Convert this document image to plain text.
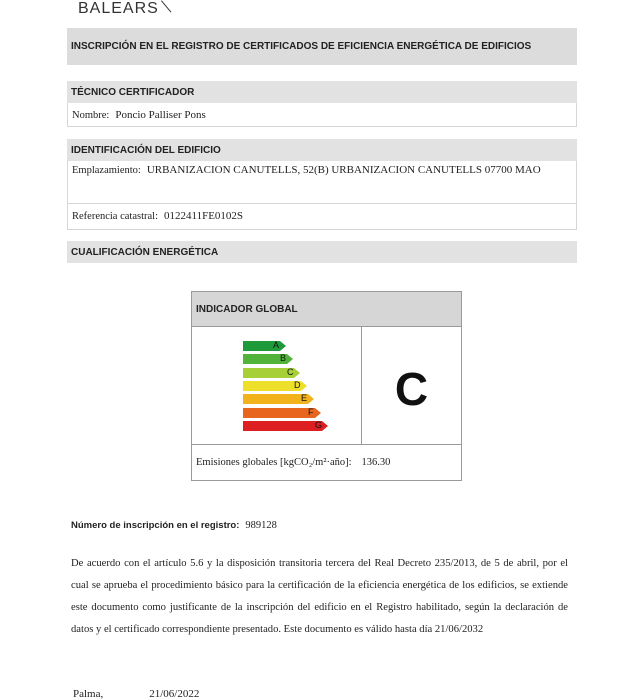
BALEARS
INSCRIPCIÓN EN EL REGISTRO DE CERTIFICADOS DE EFICIENCIA ENERGÉTICA DE EDIFICIOS
TÉCNICO CERTIFICADOR
Nombre: Poncio Palliser Pons
IDENTIFICACIÓN DEL EDIFICIO
Emplazamiento: URBANIZACION CANUTELLS, 52(B) URBANIZACION CANUTELLS 07700 MAO
Referencia catastral: 0122411FE0102S
CUALIFICACIÓN ENERGÉTICA
INDICADOR GLOBAL
A
B
C
D
E
F
G
C
Emisiones globales [kgCO₂/m²·año]: 136.30
Número de inscripción en el registro: 989128
De acuerdo con el artículo 5.6 y la disposición transitoria tercera del Real Decreto 235/2013, de 5 de abril, por el cual se aprueba el procedimiento básico para la certificación de la eficiencia energética de los edificios, se extiende este documento como justificante de la inscripción del edificio en el Registro habilitado, según la declaración de datos y el certificado correspondiente presentado. Este documento es válido hasta día 21/06/2032
Palma,	21/06/2022
